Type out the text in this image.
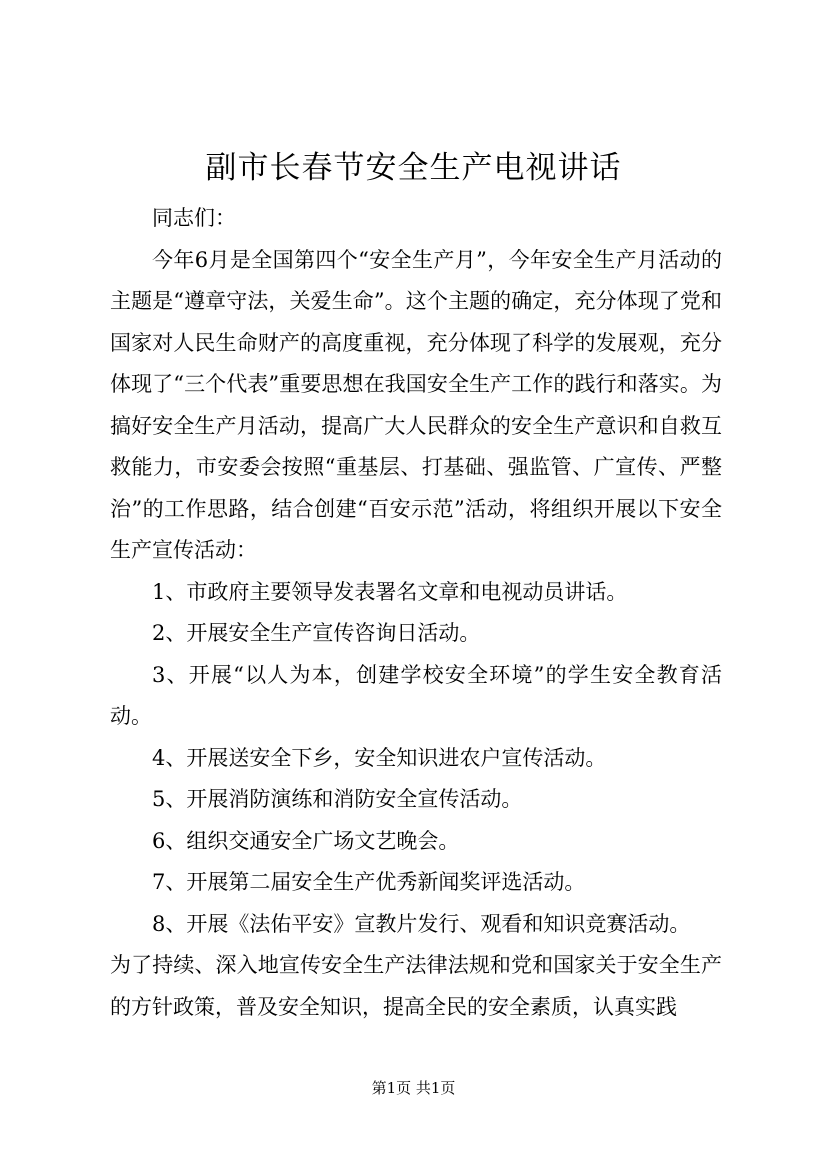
副市长春节安全生产电视讲话

同志们：

今年6月是全国第四个“安全生产月”，今年安全生产月活动的主题是“遵章守法，关爱生命”。这个主题的确定，充分体现了党和国家对人民生命财产的高度重视，充分体现了科学的发展观，充分体现了“三个代表”重要思想在我国安全生产工作的践行和落实。为搞好安全生产月活动，提高广大人民群众的安全生产意识和自救互救能力，市安委会按照“重基层、打基础、强监管、广宣传、严整治”的工作思路，结合创建“百安示范”活动，将组织开展以下安全生产宣传活动：

1、市政府主要领导发表署名文章和电视动员讲话。

2、开展安全生产宣传咨询日活动。

3、开展“以人为本，创建学校安全环境”的学生安全教育活动。

4、开展送安全下乡，安全知识进农户宣传活动。

5、开展消防演练和消防安全宣传活动。

6、组织交通安全广场文艺晚会。

7、开展第二届安全生产优秀新闻奖评选活动。

8、开展《法佑平安》宣教片发行、观看和知识竞赛活动。

为了持续、深入地宣传安全生产法律法规和党和国家关于安全生产的方针政策，普及安全知识，提高全民的安全素质，认真实践

第1页 共1页
